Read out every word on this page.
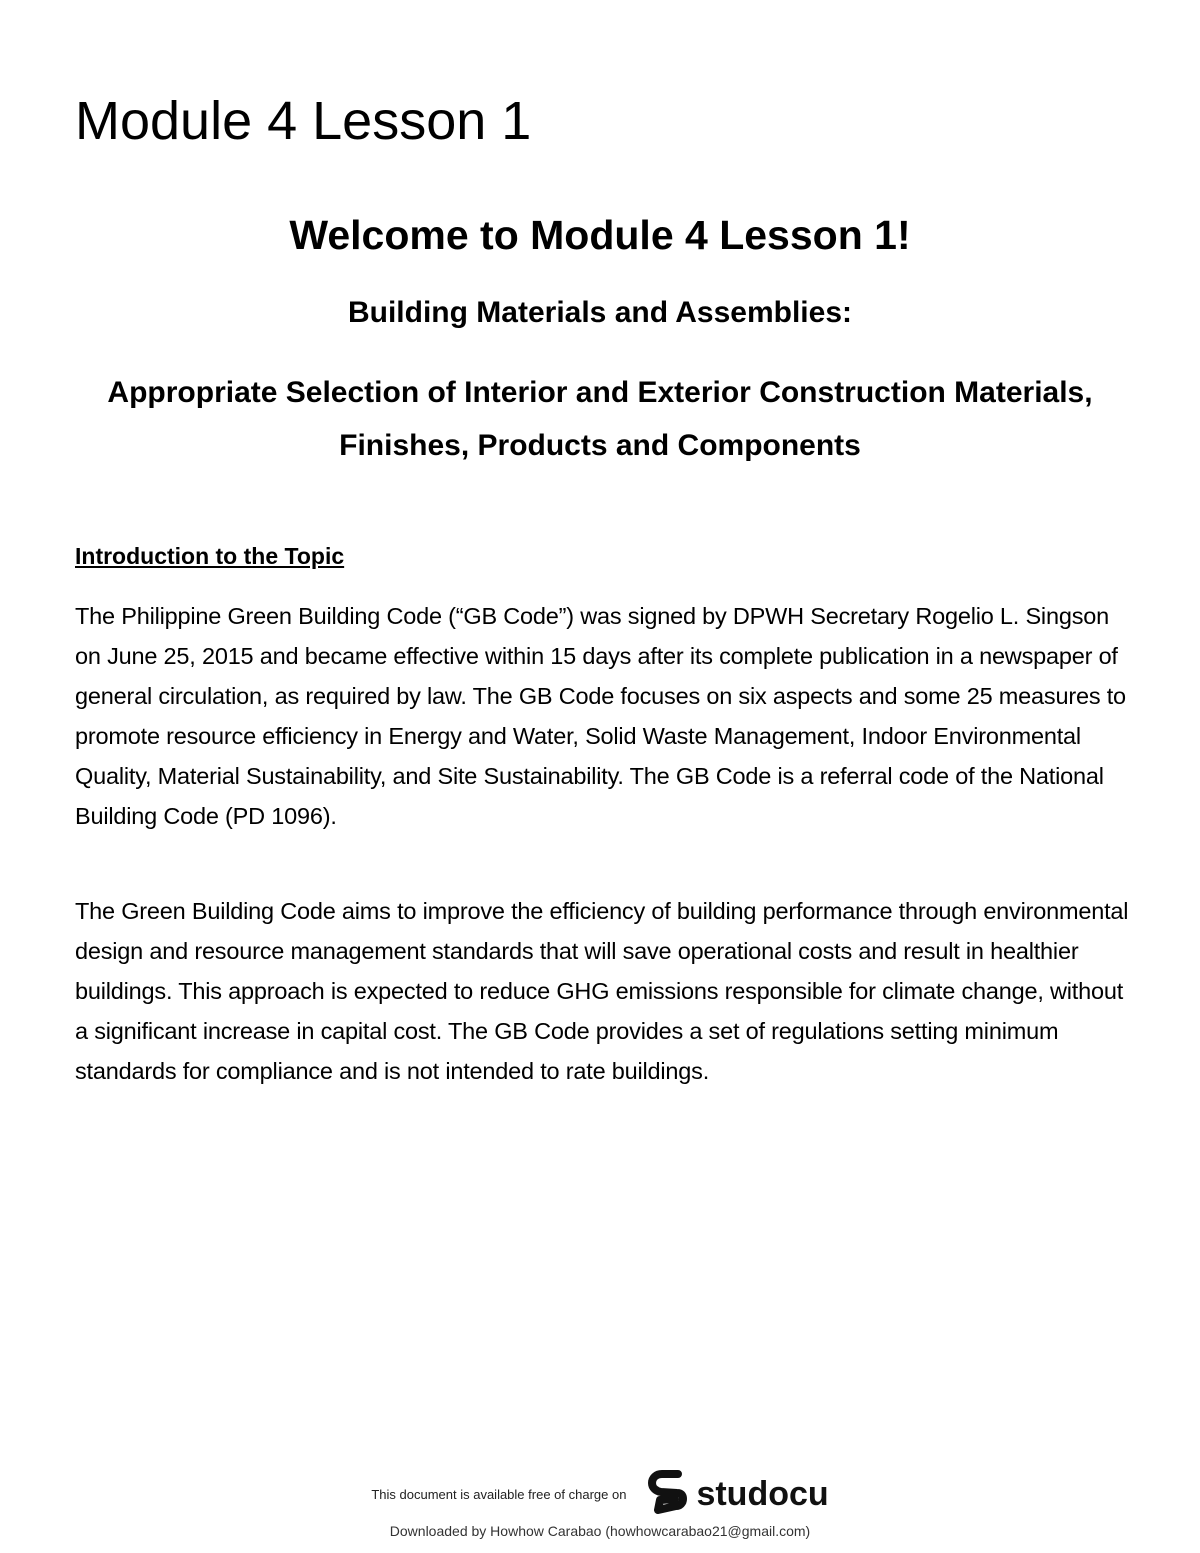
Module 4 Lesson 1
Welcome to Module 4 Lesson 1!
Building Materials and Assemblies:
Appropriate Selection of Interior and Exterior Construction Materials, Finishes, Products and Components
Introduction to the Topic

The Philippine Green Building Code (“GB Code”) was signed by DPWH Secretary Rogelio L. Singson on June 25, 2015 and became effective within 15 days after its complete publication in a newspaper of general circulation, as required by law. The GB Code focuses on six aspects and some 25 measures to promote resource efficiency in Energy and Water, Solid Waste Management, Indoor Environmental Quality, Material Sustainability, and Site Sustainability. The GB Code is a referral code of the National Building Code (PD 1096).

The Green Building Code aims to improve the efficiency of building performance through environmental design and resource management standards that will save operational costs and result in healthier buildings. This approach is expected to reduce GHG emissions responsible for climate change, without a significant increase in capital cost. The GB Code provides a set of regulations setting minimum standards for compliance and is not intended to rate buildings.

This document is available free of charge on studocu
Downloaded by Howhow Carabao (howhowcarabao21@gmail.com)
